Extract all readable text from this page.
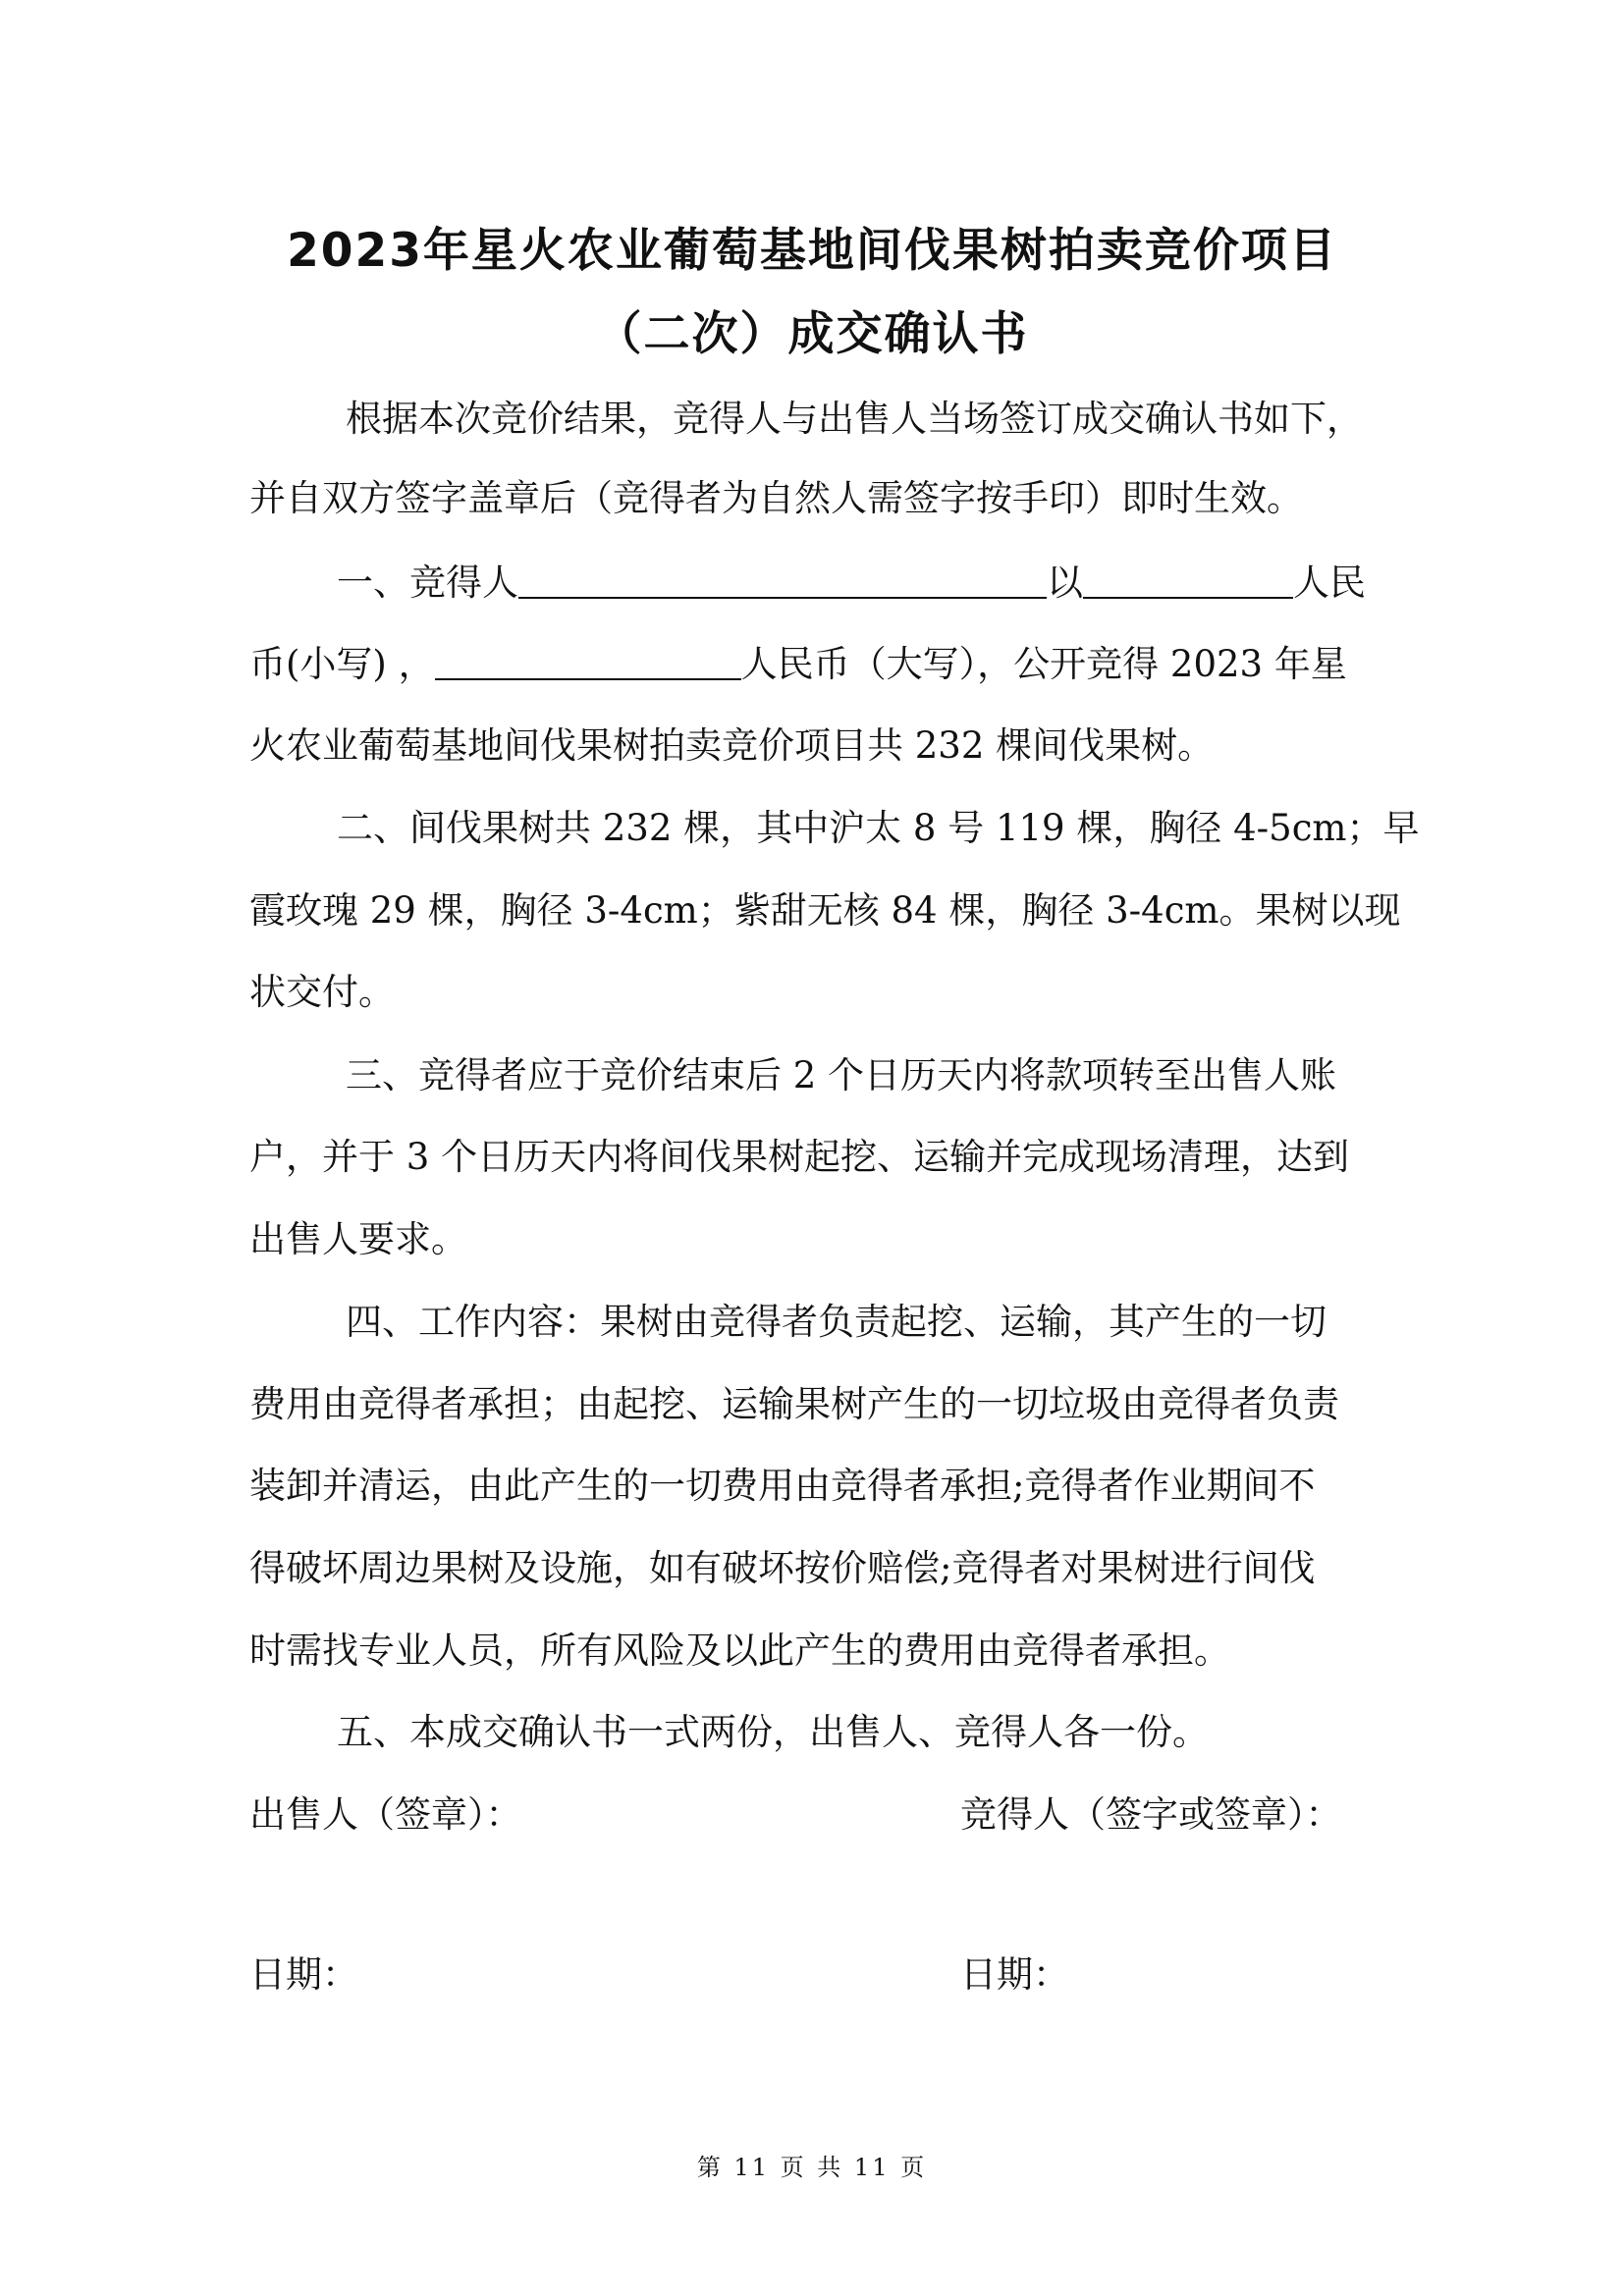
2023年星火农业葡萄基地间伐果树拍卖竞价项目
（二次）成交确认书
根据本次竞价结果，竞得人与出售人当场签订成交确认书如下，
并自双方签字盖章后（竞得者为自然人需签字按手印）即时生效。
一、竞得人	以	人民
币(小写) ，	人民币（大写），公开竞得 2023 年星
火农业葡萄基地间伐果树拍卖竞价项目共 232 棵间伐果树。
二、间伐果树共 232 棵，其中沪太 8 号 119 棵，胸径 4-5cm；早
霞玫瑰 29 棵，胸径 3-4cm；紫甜无核 84 棵，胸径 3-4cm。果树以现
状交付。
三、竞得者应于竞价结束后 2 个日历天内将款项转至出售人账
户，并于 3 个日历天内将间伐果树起挖、运输并完成现场清理，达到
出售人要求。
四、工作内容：果树由竞得者负责起挖、运输，其产生的一切
费用由竞得者承担；由起挖、运输果树产生的一切垃圾由竞得者负责
装卸并清运，由此产生的一切费用由竞得者承担;竞得者作业期间不
得破坏周边果树及设施，如有破坏按价赔偿;竞得者对果树进行间伐
时需找专业人员，所有风险及以此产生的费用由竞得者承担。
五、本成交确认书一式两份，出售人、竞得人各一份。
出售人（签章）：	竞得人（签字或签章）：
日期：	日期：
第 11 页 共 11 页
